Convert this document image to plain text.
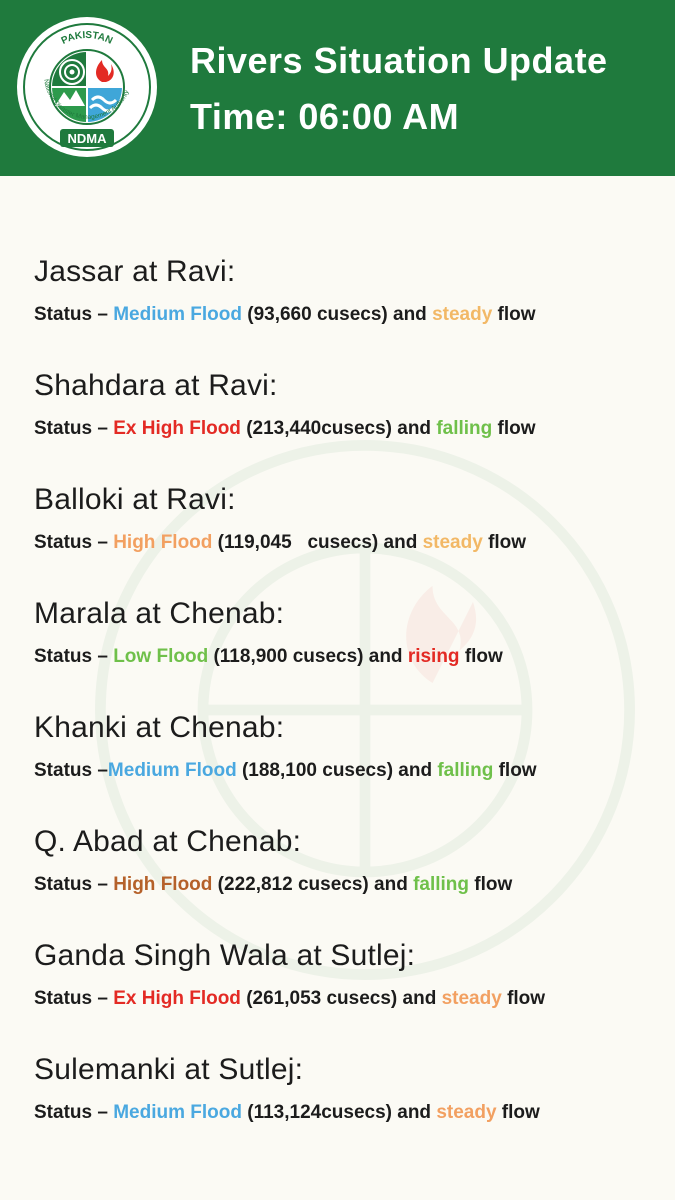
PAKISTAN
National Disaster Management Authority
NDMA
Rivers Situation Update
Time: 06:00 AM
Jassar at Ravi:
Status – Medium Flood (93,660 cusecs) and steady flow
Shahdara at Ravi:
Status – Ex High Flood (213,440cusecs) and falling flow
Balloki at Ravi:
Status – High Flood (119,045   cusecs) and steady flow
Marala at Chenab:
Status – Low Flood (118,900 cusecs) and rising flow
Khanki at Chenab:
Status –Medium Flood (188,100 cusecs) and falling flow
Q. Abad at Chenab:
Status – High Flood (222,812 cusecs) and falling flow
Ganda Singh Wala at Sutlej:
Status – Ex High Flood (261,053 cusecs) and steady flow
Sulemanki at Sutlej:
Status – Medium Flood (113,124cusecs) and steady flow
